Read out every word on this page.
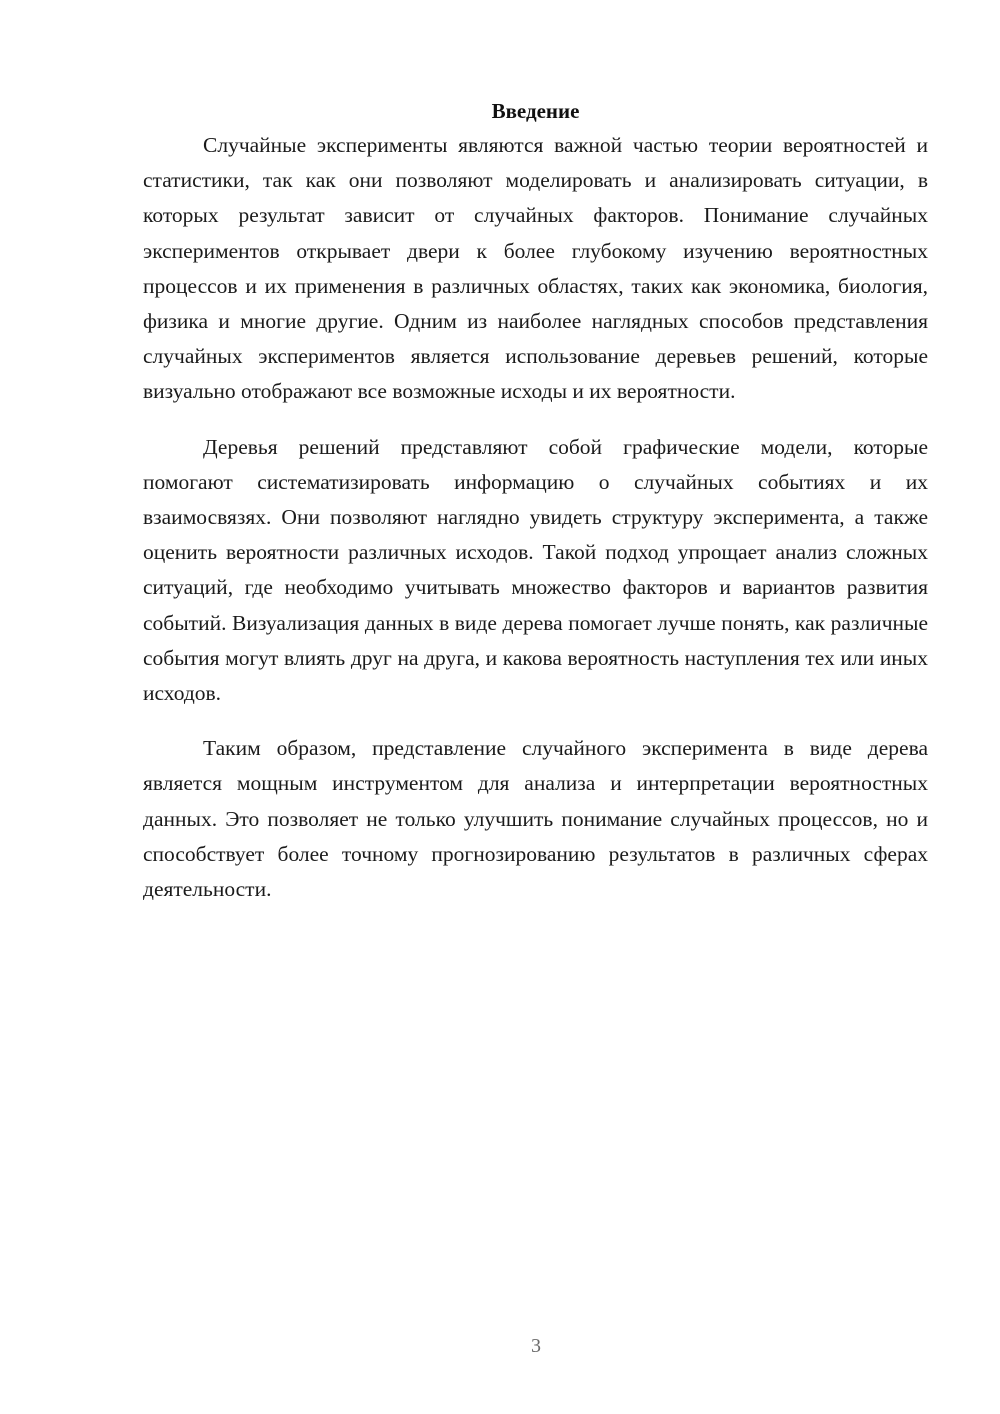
Введение

Случайные эксперименты являются важной частью теории вероятностей и статистики, так как они позволяют моделировать и анализировать ситуации, в которых результат зависит от случайных факторов. Понимание случайных экспериментов открывает двери к более глубокому изучению вероятностных процессов и их применения в различных областях, таких как экономика, биология, физика и многие другие. Одним из наиболее наглядных способов представления случайных экспериментов является использование деревьев решений, которые визуально отображают все возможные исходы и их вероятности.

Деревья решений представляют собой графические модели, которые помогают систематизировать информацию о случайных событиях и их взаимосвязях. Они позволяют наглядно увидеть структуру эксперимента, а также оценить вероятности различных исходов. Такой подход упрощает анализ сложных ситуаций, где необходимо учитывать множество факторов и вариантов развития событий. Визуализация данных в виде дерева помогает лучше понять, как различные события могут влиять друг на друга, и какова вероятность наступления тех или иных исходов.

Таким образом, представление случайного эксперимента в виде дерева является мощным инструментом для анализа и интерпретации вероятностных данных. Это позволяет не только улучшить понимание случайных процессов, но и способствует более точному прогнозированию результатов в различных сферах деятельности.

3
